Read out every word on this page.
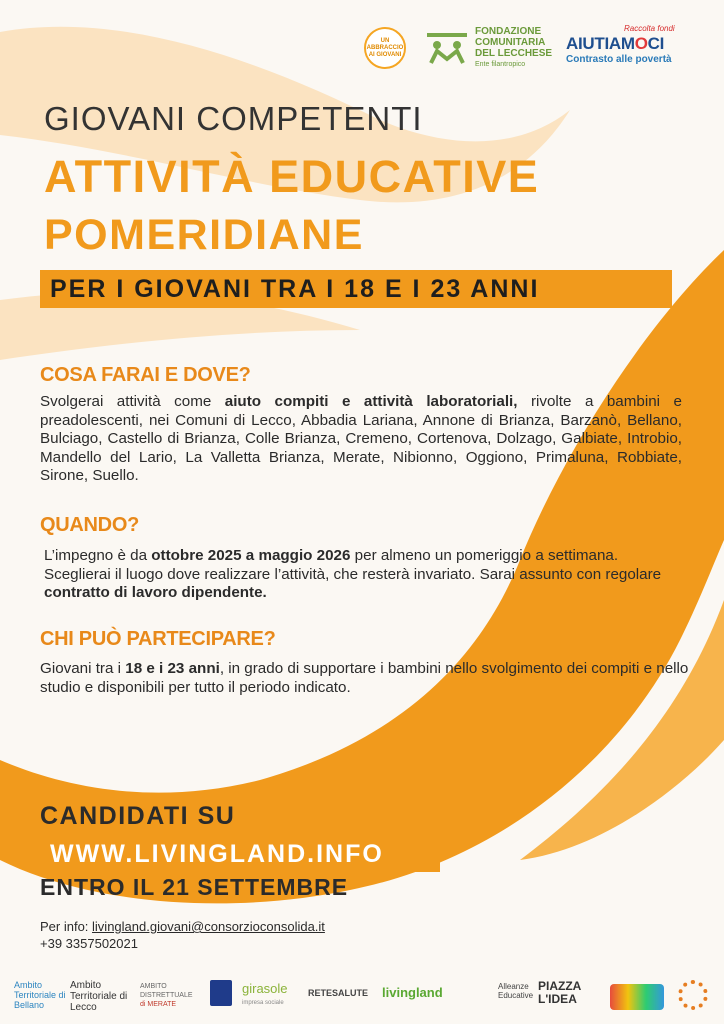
UN ABBRACCIO AI GIOVANI
FONDAZIONE
COMUNITARIA
DEL LECCHESE
Ente filantropico
Raccolta fondi
AIUTIAMOCI
Contrasto alle povertà
GIOVANI COMPETENTI
ATTIVITÀ EDUCATIVE
POMERIDIANE
PER I GIOVANI TRA I 18 E I 23 ANNI
COSA FARAI E DOVE?
Svolgerai attività come aiuto compiti e attività laboratoriali, rivolte a bambini e preadolescenti, nei Comuni di Lecco, Abbadia Lariana, Annone di Brianza, Barzanò, Bellano, Bulciago, Castello di Brianza, Colle Brianza, Cremeno, Cortenova, Dolzago, Galbiate, Introbio, Mandello del Lario, La Valletta Brianza, Merate, Nibionno, Oggiono, Primaluna, Robbiate, Sirone, Suello.
QUANDO?
L’impegno è da ottobre 2025 a maggio 2026 per almeno un pomeriggio a settimana. Sceglierai il luogo dove realizzare l’attività, che resterà invariato. Sarai assunto con regolare contratto di lavoro dipendente.
CHI PUÒ PARTECIPARE?
Giovani tra i 18 e i 23 anni, in grado di supportare i bambini nello svolgimento dei compiti e nello studio e disponibili per tutto il periodo indicato.
CANDIDATI SU
WWW.LIVINGLAND.INFO
ENTRO IL 21 SETTEMBRE
Per info: livingland.giovani@consorzioconsolida.it
+39 3357502021
Ambito Territoriale di Bellano
Ambito Territoriale di Lecco
AMBITO
DISTRETTUALE
di MERATE
girasole
impresa sociale
RETESALUTE	livingland	Alleanze Educative
PIAZZA
L'IDEA
